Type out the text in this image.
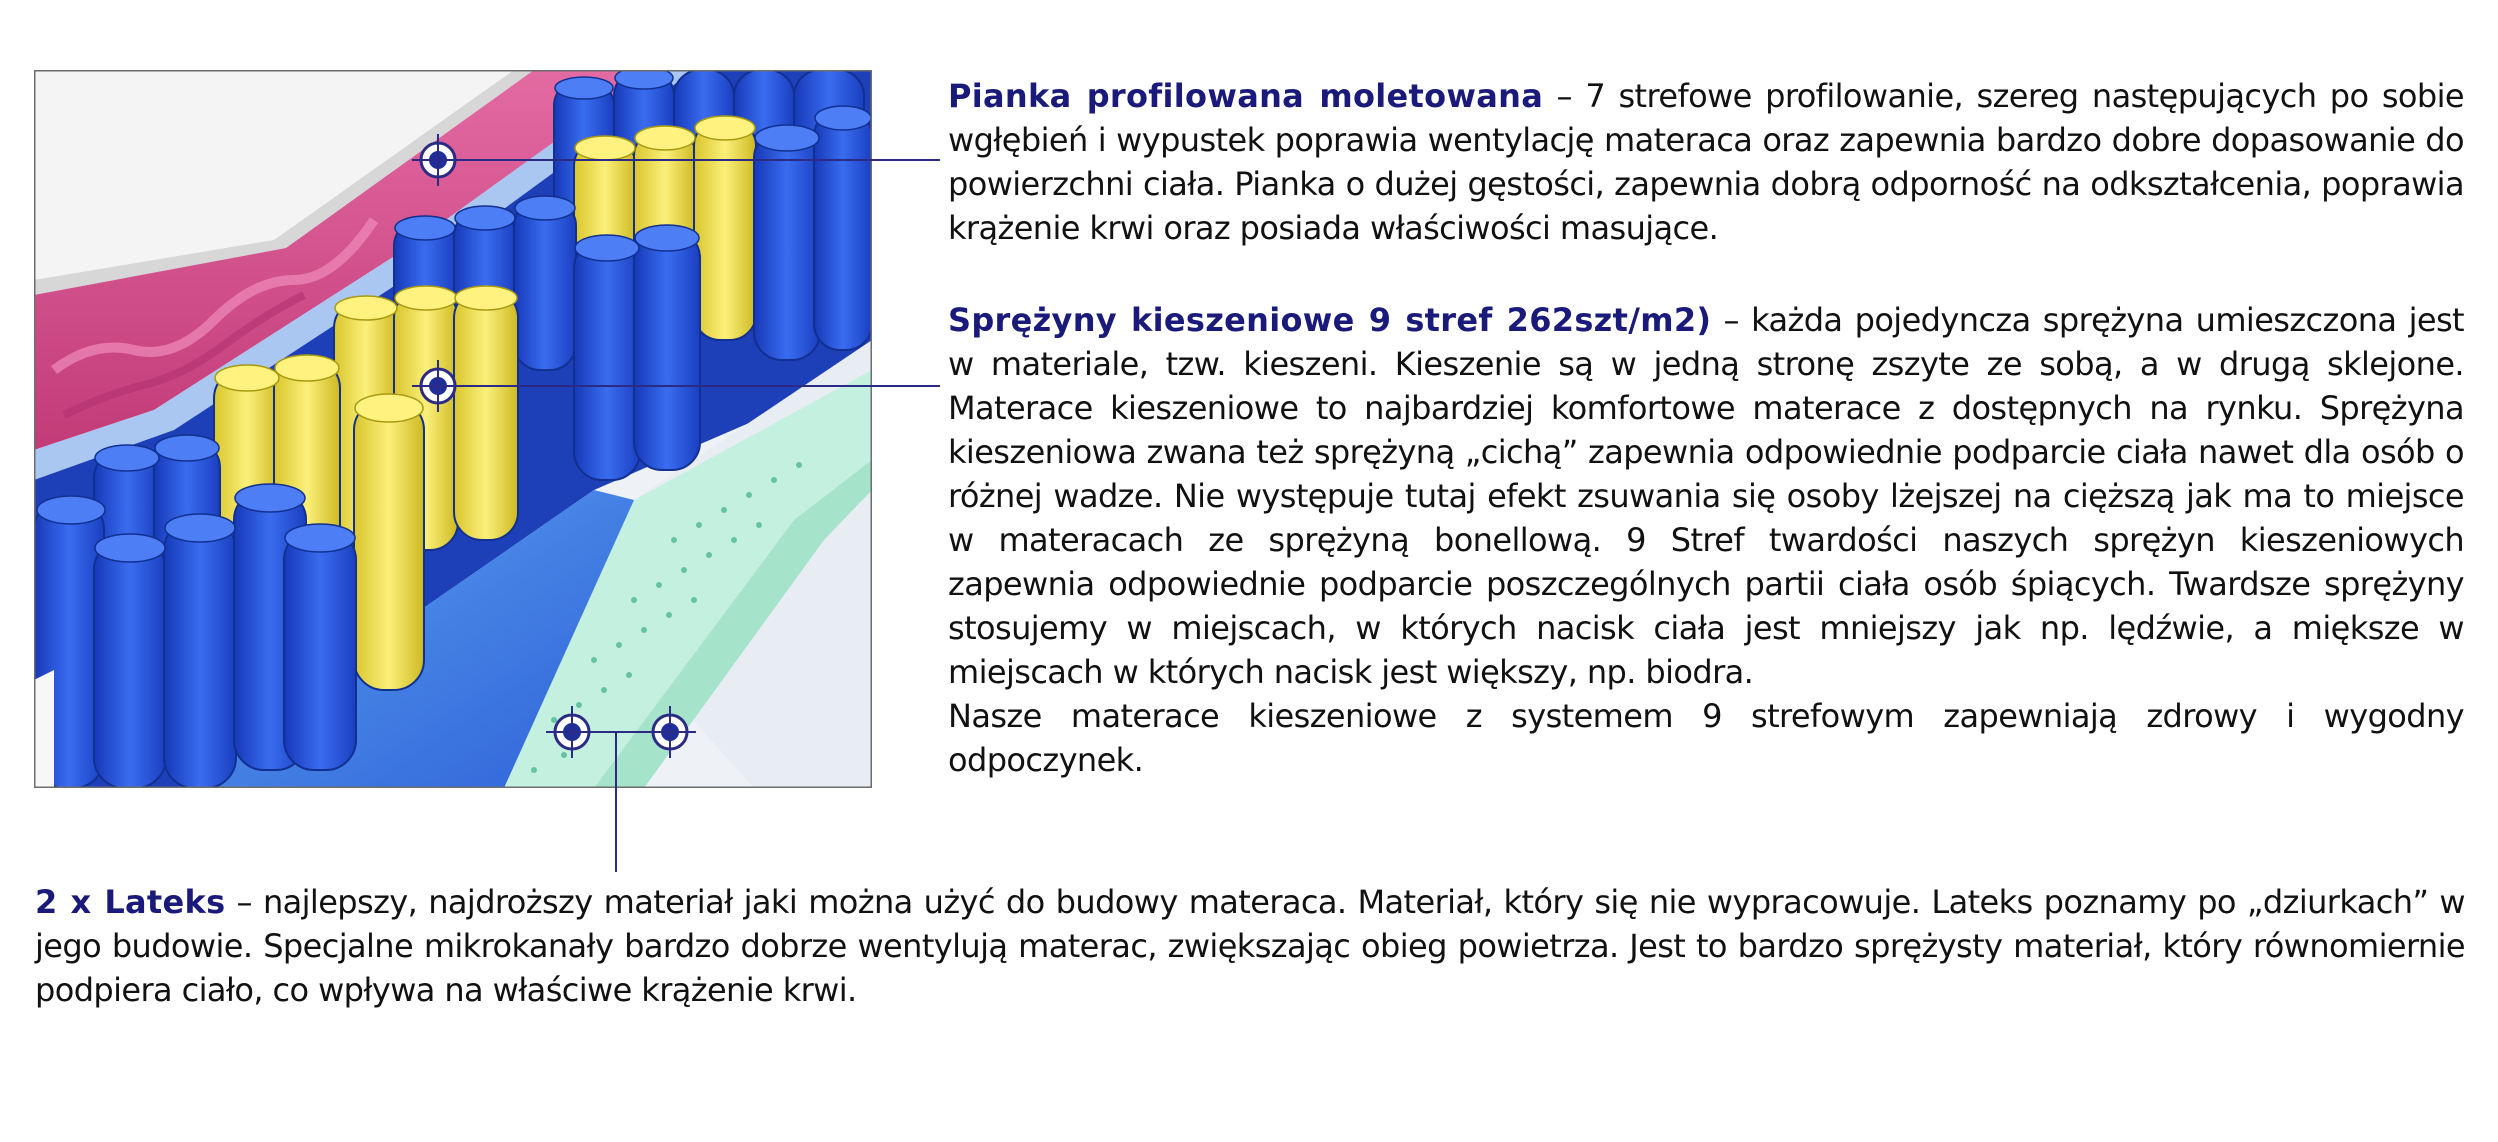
Pianka profilowana moletowana – 7 strefowe profilowanie, szereg następujących po sobie wgłębień i wypustek poprawia wentylację materaca oraz zapewnia bardzo dobre dopasowanie do powierzchni ciała. Pianka o dużej gęstości, zapewnia dobrą odporność na odkształcenia, poprawia krążenie krwi oraz posiada właściwości masujące.

Sprężyny kieszeniowe 9 stref 262szt/m2) – każda pojedyncza sprężyna umieszczona jest w materiale, tzw. kieszeni. Kieszenie są w jedną stronę zszyte ze sobą, a w drugą sklejone. Materace kieszeniowe to najbardziej komfortowe materace z dostępnych na rynku. Sprężyna kieszeniowa zwana też sprężyną „cichą” zapewnia odpowiednie podparcie ciała nawet dla osób o różnej wadze. Nie występuje tutaj efekt zsuwania się osoby lżejszej na cięższą jak ma to miejsce w materacach ze sprężyną bonellową. 9 Stref twardości naszych sprężyn kieszeniowych zapewnia odpowiednie podparcie poszczególnych partii ciała osób śpiących. Twardsze sprężyny stosujemy w miejscach, w których nacisk ciała jest mniejszy jak np. lędźwie, a miększe w miejscach w których nacisk jest większy, np. biodra.

Nasze materace kieszeniowe z systemem 9 strefowym zapewniają zdrowy i wygodny odpoczynek.

2 x Lateks – najlepszy, najdroższy materiał jaki można użyć do budowy materaca. Materiał, który się nie wypracowuje. Lateks poznamy po „dziurkach” w jego budowie. Specjalne mikrokanały bardzo dobrze wentylują materac, zwiększając obieg powietrza. Jest to bardzo sprężysty materiał, który równomiernie podpiera ciało, co wpływa na właściwe krążenie krwi.
